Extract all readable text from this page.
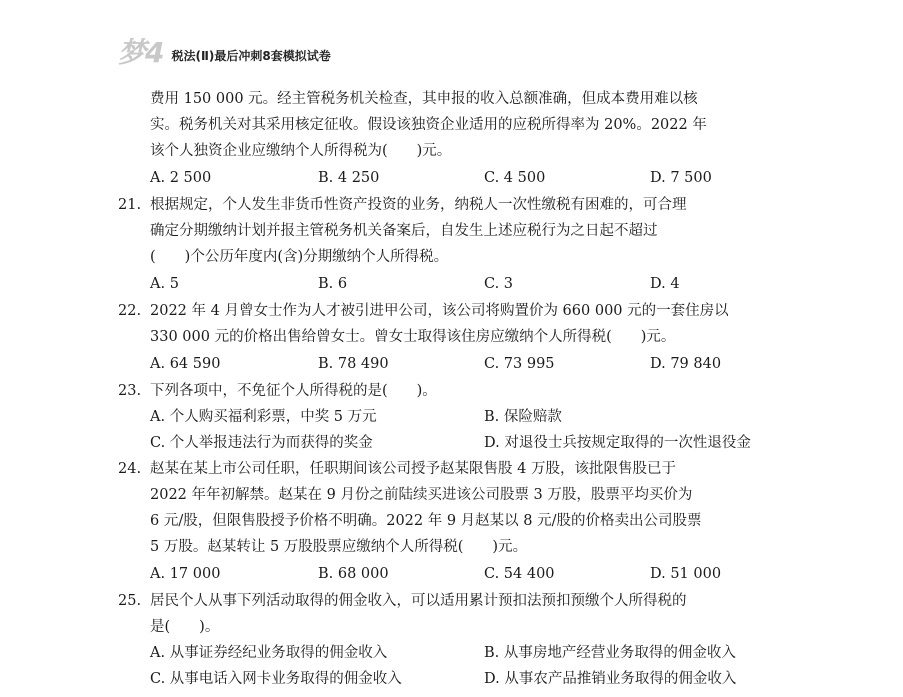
梦4 税法(Ⅱ)最后冲刺8套模拟试卷
费用 150 000 元。经主管税务机关检查，其申报的收入总额准确，但成本费用难以核
实。税务机关对其采用核定征收。假设该独资企业适用的应税所得率为 20%。2022 年
该个人独资企业应缴纳个人所得税为(　　)元。
A. 2 500	B. 4 250	C. 4 500	D. 7 500
21. 根据规定，个人发生非货币性资产投资的业务，纳税人一次性缴税有困难的，可合理
确定分期缴纳计划并报主管税务机关备案后，自发生上述应税行为之日起不超过
(　　)个公历年度内(含)分期缴纳个人所得税。
A. 5	B. 6	C. 3	D. 4
22. 2022 年 4 月曾女士作为人才被引进甲公司，该公司将购置价为 660 000 元的一套住房以
330 000 元的价格出售给曾女士。曾女士取得该住房应缴纳个人所得税(　　)元。
A. 64 590	B. 78 490	C. 73 995	D. 79 840
23. 下列各项中，不免征个人所得税的是(　　)。
A. 个人购买福利彩票，中奖 5 万元	B. 保险赔款
C. 个人举报违法行为而获得的奖金	D. 对退役士兵按规定取得的一次性退役金
24. 赵某在某上市公司任职，任职期间该公司授予赵某限售股 4 万股，该批限售股已于
2022 年年初解禁。赵某在 9 月份之前陆续买进该公司股票 3 万股，股票平均买价为
6 元/股，但限售股授予价格不明确。2022 年 9 月赵某以 8 元/股的价格卖出公司股票
5 万股。赵某转让 5 万股股票应缴纳个人所得税(　　)元。
A. 17 000	B. 68 000	C. 54 400	D. 51 000
25. 居民个人从事下列活动取得的佣金收入，可以适用累计预扣法预扣预缴个人所得税的
是(　　)。
A. 从事证券经纪业务取得的佣金收入	B. 从事房地产经营业务取得的佣金收入
C. 从事电话入网卡业务取得的佣金收入	D. 从事农产品推销业务取得的佣金收入
